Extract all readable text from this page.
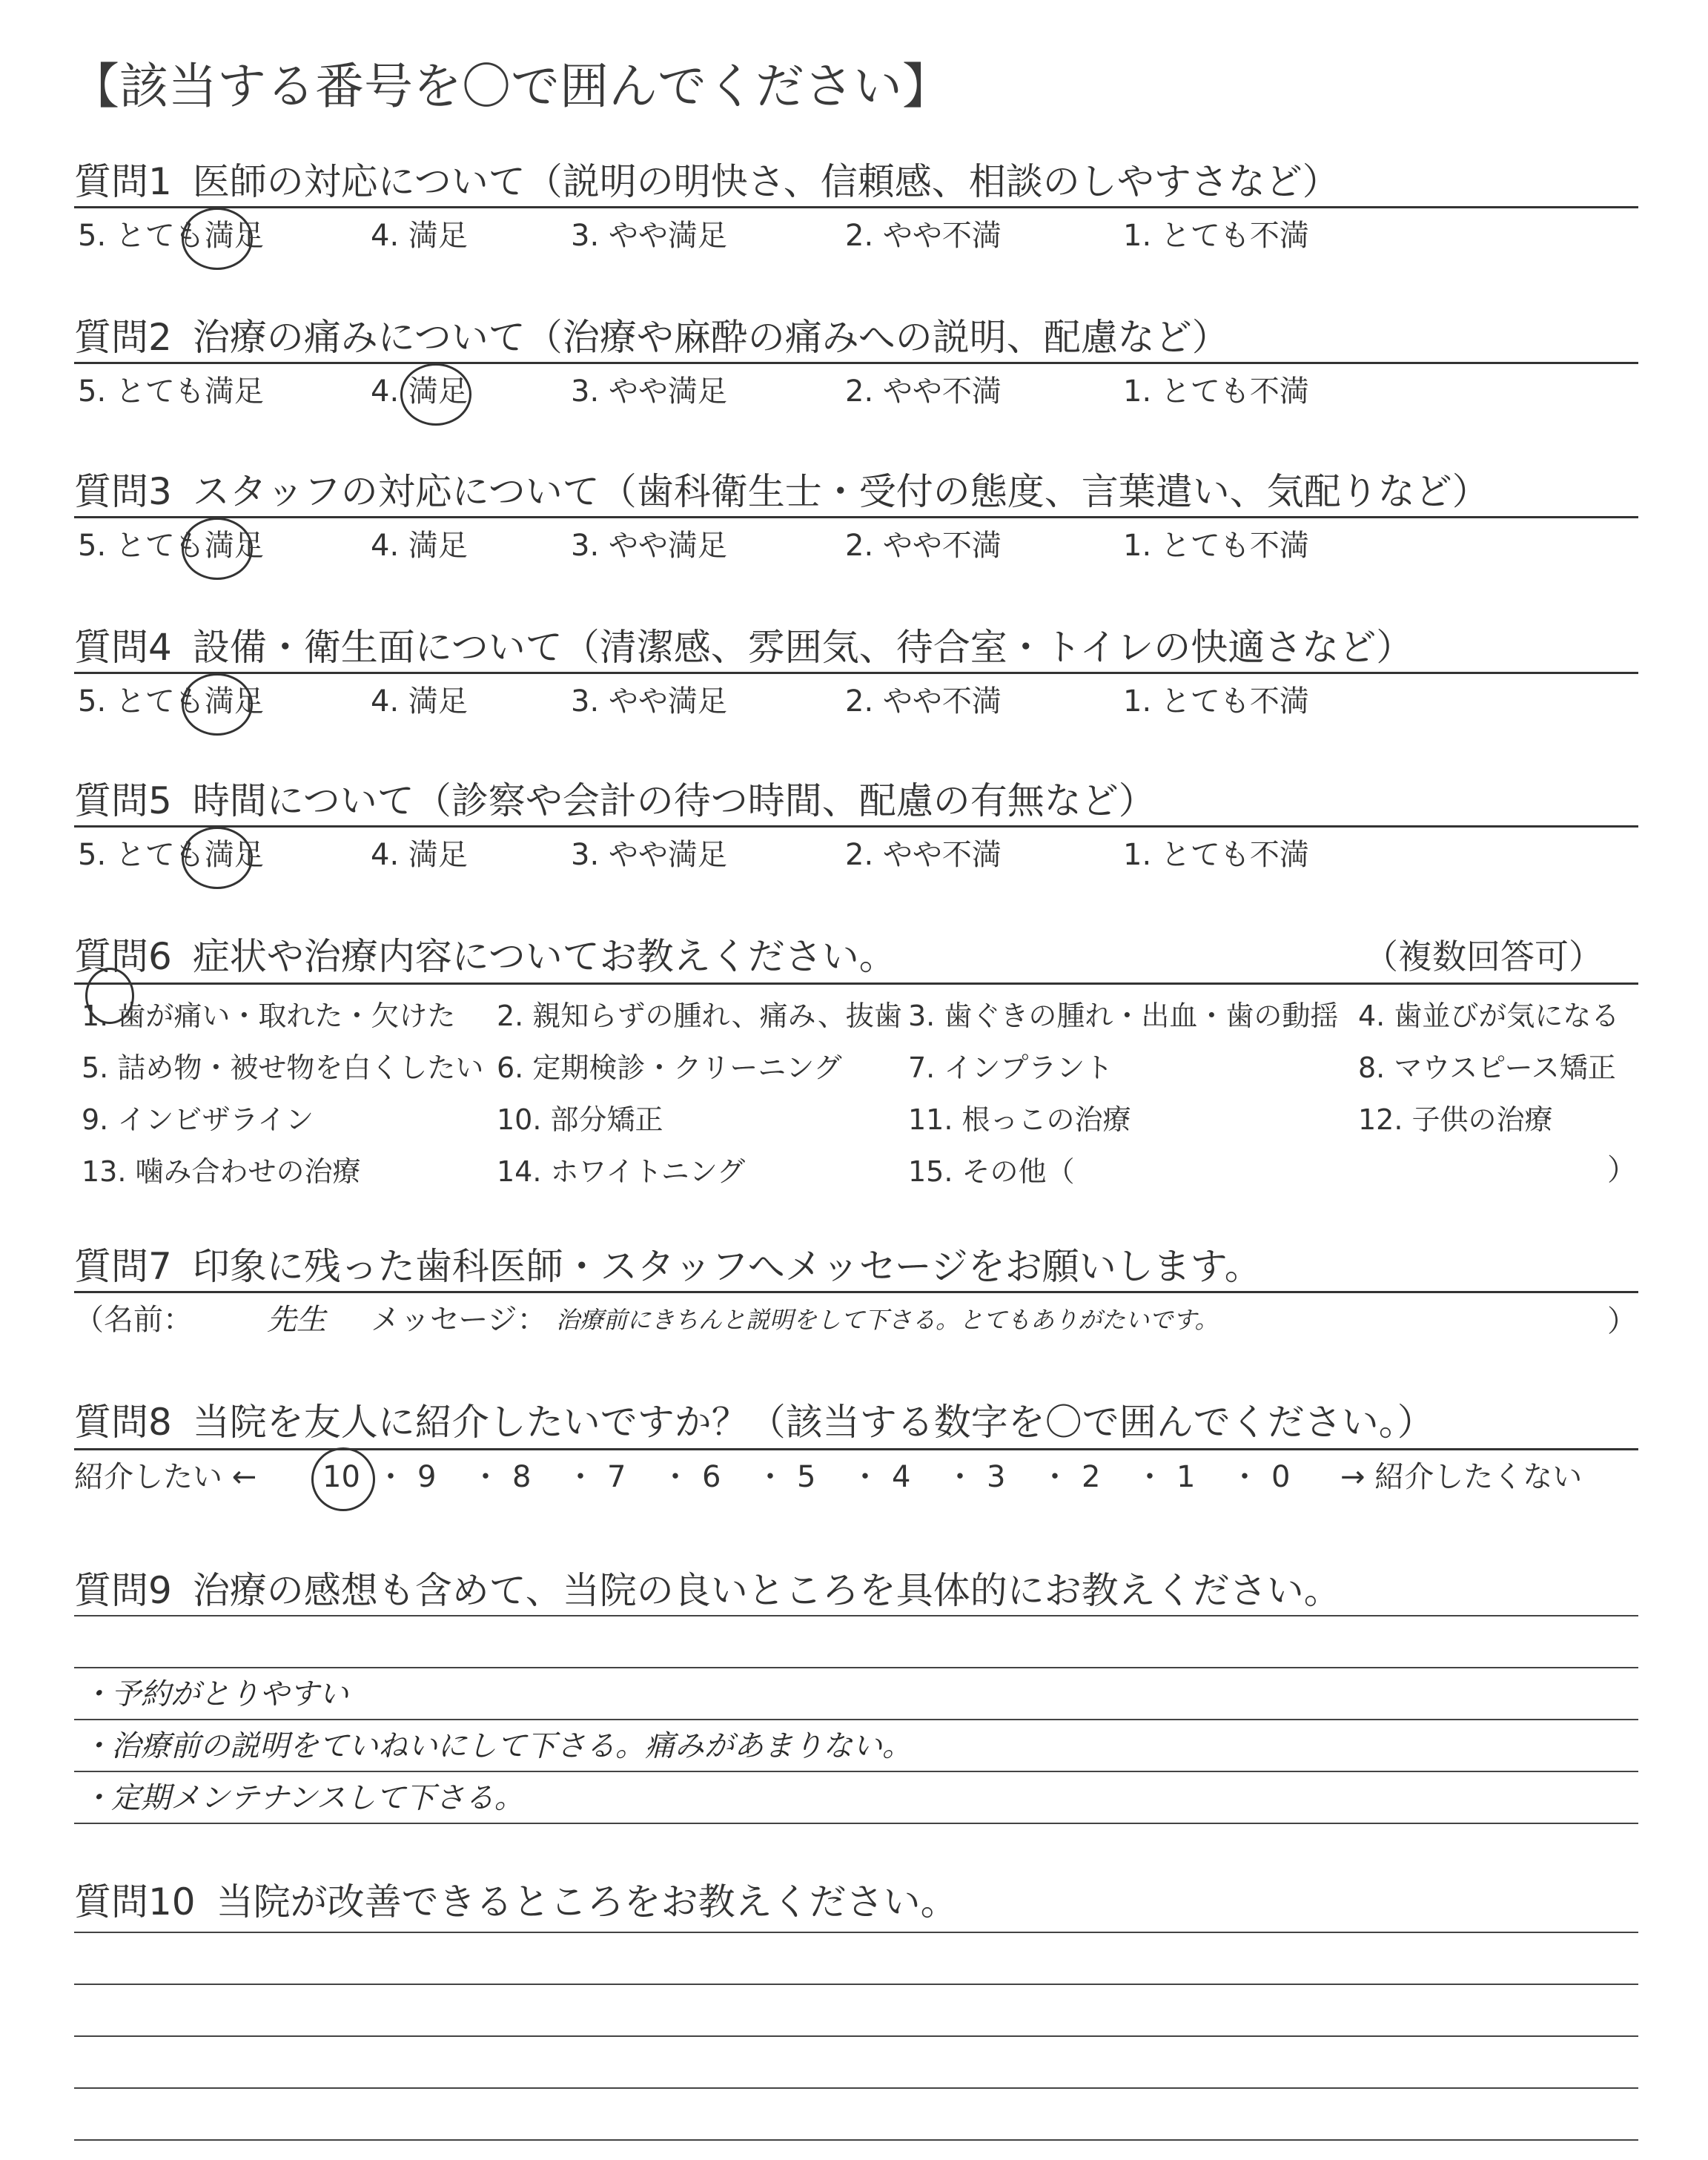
【該当する番号を〇で囲んでください】
質問1 医師の対応について（説明の明快さ、信頼感、相談のしやすさなど）
5. とても満足	4. 満足	3. やや満足	2. やや不満	1. とても不満
質問2 治療の痛みについて（治療や麻酔の痛みへの説明、配慮など）
5. とても満足	4. 満足	3. やや満足	2. やや不満	1. とても不満
質問3 スタッフの対応について（歯科衛生士・受付の態度、言葉遣い、気配りなど）
5. とても満足	4. 満足	3. やや満足	2. やや不満	1. とても不満
質問4 設備・衛生面について（清潔感、雰囲気、待合室・トイレの快適さなど）
5. とても満足	4. 満足	3. やや満足	2. やや不満	1. とても不満
質問5 時間について（診察や会計の待つ時間、配慮の有無など）
5. とても満足	4. 満足	3. やや満足	2. やや不満	1. とても不満
質問6 症状や治療内容についてお教えください。	（複数回答可）
1. 歯が痛い・取れた・欠けた 2. 親知らずの腫れ、痛み、抜歯 3. 歯ぐきの腫れ・出血・歯の動揺 4. 歯並びが気になる
5. 詰め物・被せ物を白くしたい 6. 定期検診・クリーニング 7. インプラント	8. マウスピース矯正
9. インビザライン	10. 部分矯正	11. 根っこの治療	12. 子供の治療
13. 噛み合わせの治療	14. ホワイトニング	15. その他（	）
質問7 印象に残った歯科医師・スタッフへメッセージをお願いします。
（名前：	先生 メッセージ： 治療前にきちんと説明をして下さる。とてもありがたいです。	）
質問8 当院を友人に紹介したいですか？（該当する数字を〇で囲んでください。）
紹介したい ← 10 ・ 9 ・ 8 ・ 7 ・ 6 ・ 5 ・ 4 ・ 3 ・ 2 ・ 1 ・ 0 → 紹介したくない
質問9 治療の感想も含めて、当院の良いところを具体的にお教えください。
・予約がとりやすい
・治療前の説明をていねいにして下さる。痛みがあまりない。
・定期メンテナンスして下さる。
質問10 当院が改善できるところをお教えください。
